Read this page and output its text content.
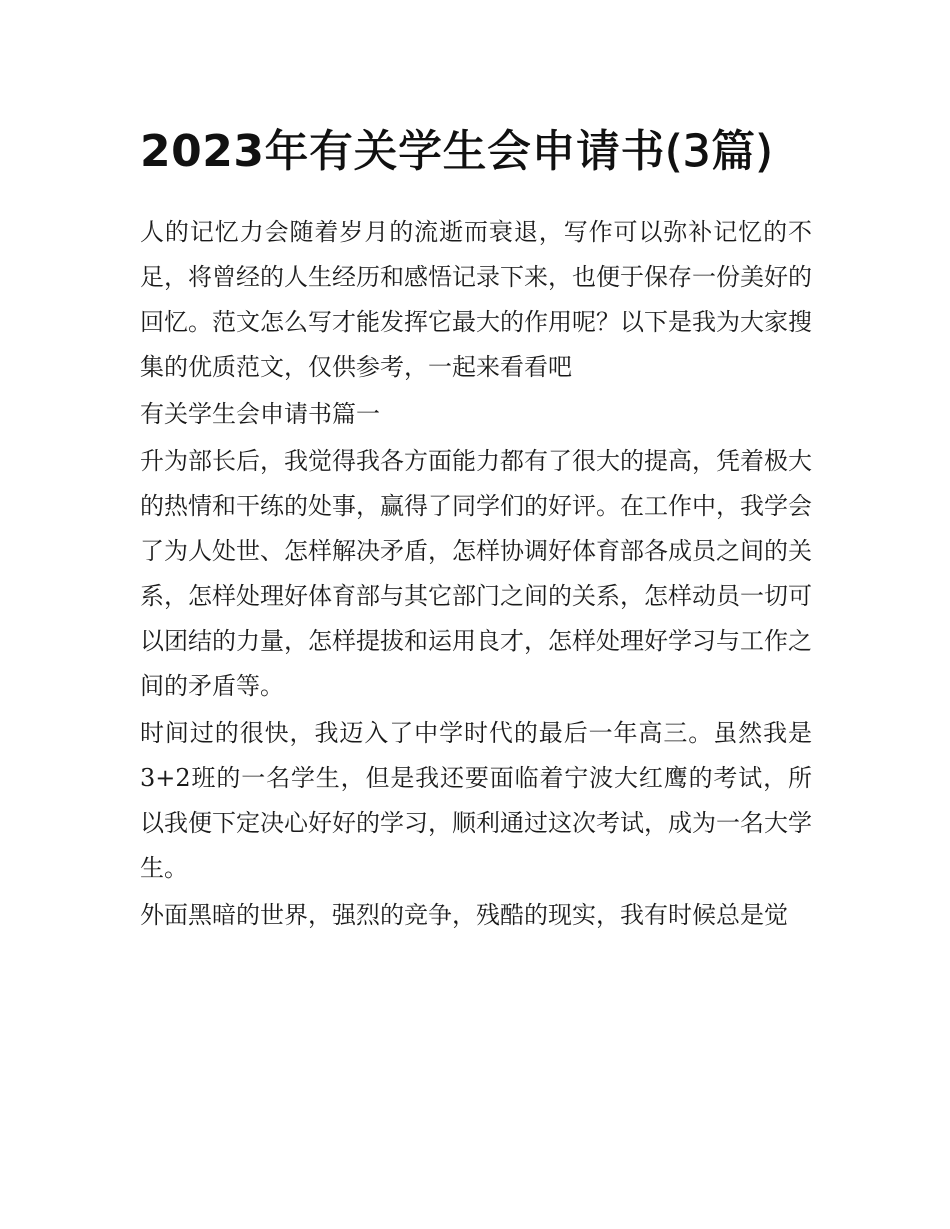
2023年有关学生会申请书(3篇)

人的记忆力会随着岁月的流逝而衰退，写作可以弥补记忆的不足，将曾经的人生经历和感悟记录下来，也便于保存一份美好的回忆。范文怎么写才能发挥它最大的作用呢？以下是我为大家搜集的优质范文，仅供参考，一起来看看吧

有关学生会申请书篇一

升为部长后，我觉得我各方面能力都有了很大的提高，凭着极大的热情和干练的处事，赢得了同学们的好评。在工作中，我学会了为人处世、怎样解决矛盾，怎样协调好体育部各成员之间的关系，怎样处理好体育部与其它部门之间的关系，怎样动员一切可以团结的力量，怎样提拔和运用良才，怎样处理好学习与工作之间的矛盾等。

时间过的很快，我迈入了中学时代的最后一年高三。虽然我是3+2班的一名学生，但是我还要面临着宁波大红鹰的考试，所以我便下定决心好好的学习，顺利通过这次考试，成为一名大学生。

外面黑暗的世界，强烈的竞争，残酷的现实，我有时候总是觉
